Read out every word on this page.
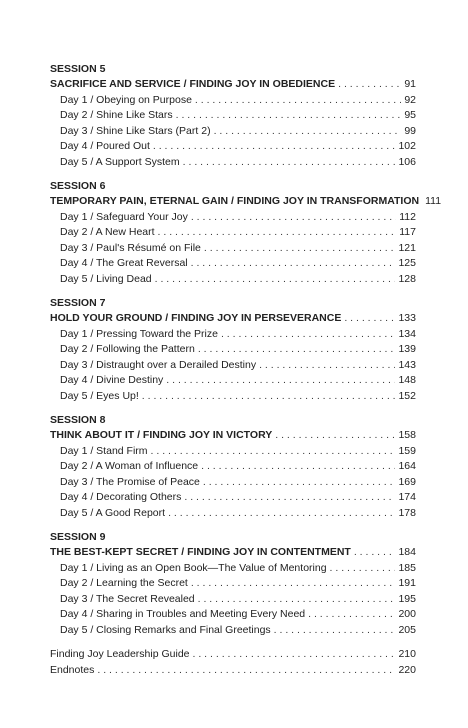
SESSION 5
SACRIFICE AND SERVICE / FINDING JOY IN OBEDIENCE . . .	91
Day 1 / Obeying on Purpose . . .	92
Day 2 / Shine Like Stars . . .	95
Day 3 / Shine Like Stars (Part 2) . . .	99
Day 4 / Poured Out . . .	102
Day 5 / A Support System . . .	106
SESSION 6
TEMPORARY PAIN, ETERNAL GAIN / FINDING JOY IN TRANSFORMATION 111
Day 1 / Safeguard Your Joy . . .	112
Day 2 / A New Heart . . .	117
Day 3 / Paul's Résumé on File . . .	121
Day 4 / The Great Reversal . . .	125
Day 5 / Living Dead . . .	128
SESSION 7
HOLD YOUR GROUND / FINDING JOY IN PERSEVERANCE . . .	133
Day 1 / Pressing Toward the Prize . . .	134
Day 2 / Following the Pattern . . .	139
Day 3 / Distraught over a Derailed Destiny . . .	143
Day 4 / Divine Destiny . . .	148
Day 5 / Eyes Up! . . .	152
SESSION 8
THINK ABOUT IT / FINDING JOY IN VICTORY . . .	158
Day 1 / Stand Firm . . .	159
Day 2 / A Woman of Influence . . .	164
Day 3 / The Promise of Peace . . .	169
Day 4 / Decorating Others . . .	174
Day 5 / A Good Report . . .	178
SESSION 9
THE BEST-KEPT SECRET / FINDING JOY IN CONTENTMENT . . .	184
Day 1 / Living as an Open Book—The Value of Mentoring . . .	185
Day 2 / Learning the Secret . . .	191
Day 3 / The Secret Revealed . . .	195
Day 4 / Sharing in Troubles and Meeting Every Need . . .	200
Day 5 / Closing Remarks and Final Greetings . . .	205
Finding Joy Leadership Guide . . .	210
Endnotes . . .	220
